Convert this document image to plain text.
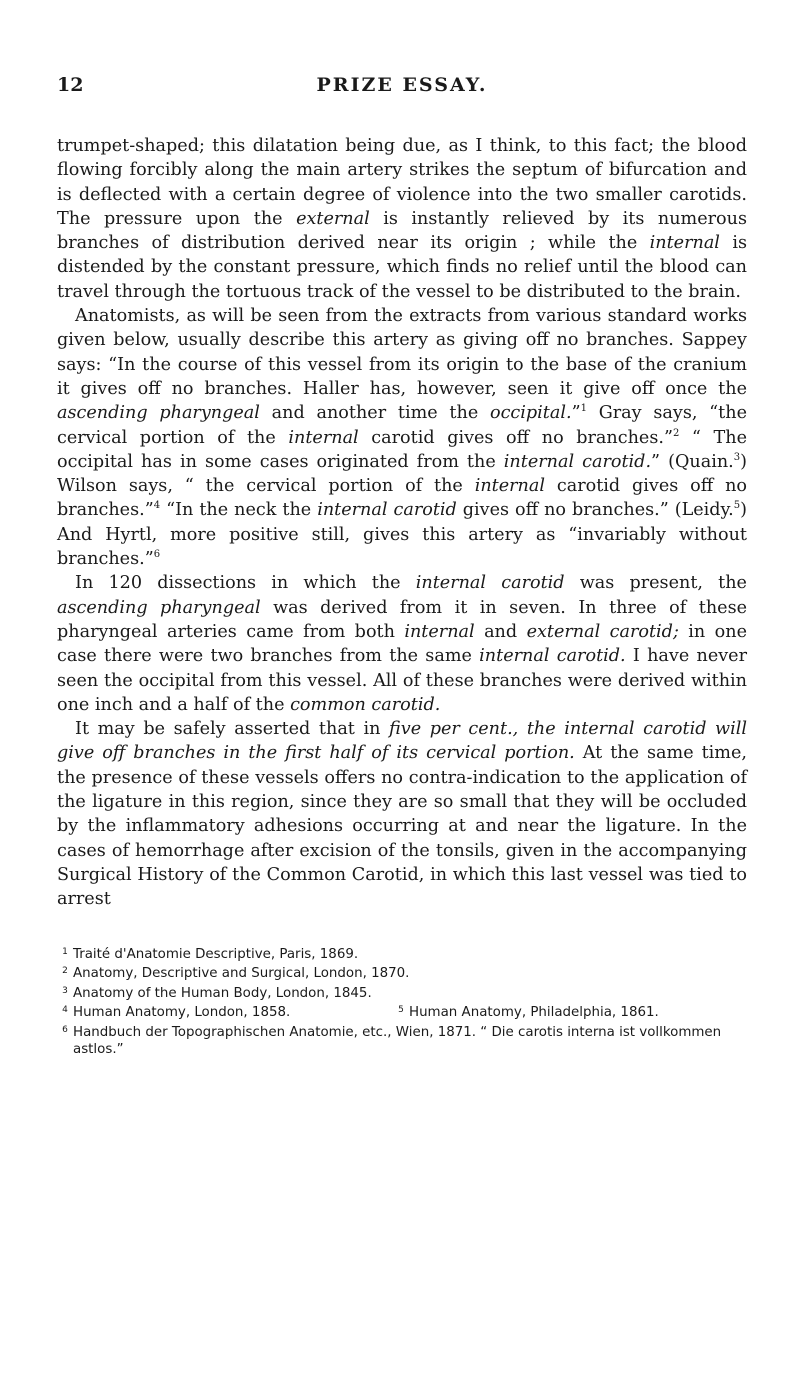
12	PRIZE ESSAY.

trumpet-shaped; this dilatation being due, as I think, to this fact; the blood flowing forcibly along the main artery strikes the septum of bifurcation and is deflected with a certain degree of violence into the two smaller carotids. The pressure upon the external is instantly relieved by its numerous branches of distribution derived near its origin ; while the internal is distended by the constant pressure, which finds no relief until the blood can travel through the tortuous track of the vessel to be distributed to the brain.

Anatomists, as will be seen from the extracts from various standard works given below, usually describe this artery as giving off no branches. Sappey says: “In the course of this vessel from its origin to the base of the cranium it gives off no branches. Haller has, however, seen it give off once the ascending pharyngeal and another time the occipital.”$^1$ Gray says, “the cervical portion of the internal carotid gives off no branches.”$^2$ “ The occipital has in some cases originated from the internal carotid.” (Quain.$^3$) Wilson says, “ the cervical portion of the internal carotid gives off no branches.”$^4$ “In the neck the internal carotid gives off no branches.” (Leidy.$^5$) And Hyrtl, more positive still, gives this artery as “invariably without branches.”$^6$

In 120 dissections in which the internal carotid was present, the ascending pharyngeal was derived from it in seven. In three of these pharyngeal arteries came from both internal and external carotid; in one case there were two branches from the same internal carotid. I have never seen the occipital from this vessel. All of these branches were derived within one inch and a half of the common carotid.

It may be safely asserted that in five per cent., the internal carotid will give off branches in the first half of its cervical portion. At the same time, the presence of these vessels offers no contra-indication to the application of the ligature in this region, since they are so small that they will be occluded by the inflammatory adhesions occurring at and near the ligature. In the cases of hemorrhage after excision of the tonsils, given in the accompanying Surgical History of the Common Carotid, in which this last vessel was tied to arrest

1 Traité d'Anatomie Descriptive, Paris, 1869.
2 Anatomy, Descriptive and Surgical, London, 1870.
3 Anatomy of the Human Body, London, 1845.
4 Human Anatomy, London, 1858.	5 Human Anatomy, Philadelphia, 1861.
6 Handbuch der Topographischen Anatomie, etc., Wien, 1871. “ Die carotis interna ist vollkommen astlos.”
